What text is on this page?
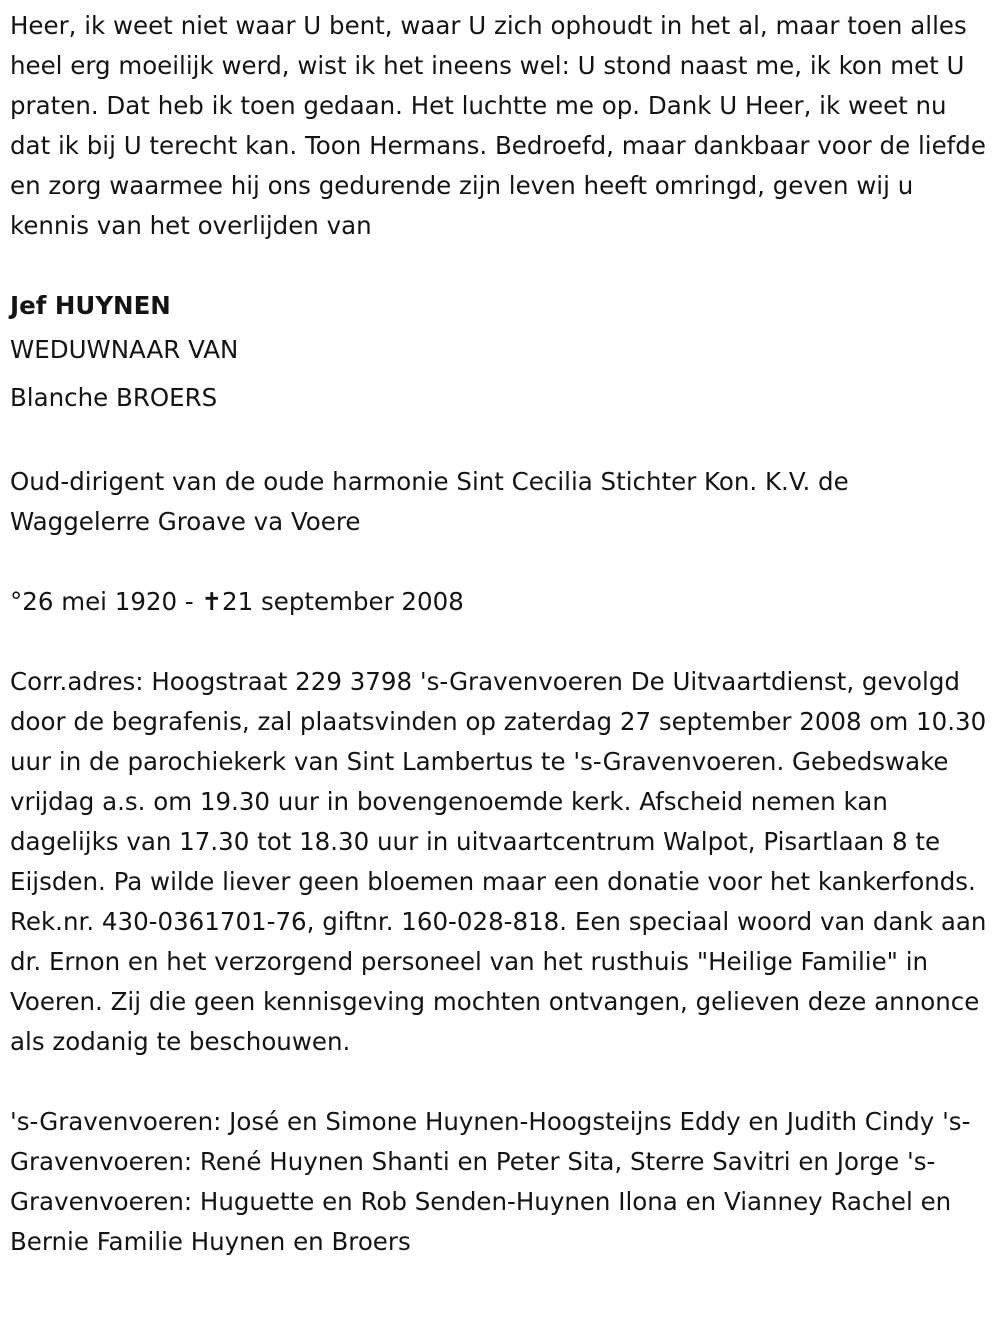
Heer, ik weet niet waar U bent, waar U zich ophoudt in het al, maar toen alles heel erg moeilijk werd, wist ik het ineens wel: U stond naast me, ik kon met U praten. Dat heb ik toen gedaan. Het luchtte me op. Dank U Heer, ik weet nu dat ik bij U terecht kan. Toon Hermans. Bedroefd, maar dankbaar voor de liefde en zorg waarmee hij ons gedurende zijn leven heeft omringd, geven wij u kennis van het overlijden van

Jef HUYNEN

WEDUWNAAR VAN

Blanche BROERS

Oud-dirigent van de oude harmonie Sint Cecilia Stichter Kon. K.V. de Waggelerre Groave va Voere

°26 mei 1920 - ✝21 september 2008

Corr.adres: Hoogstraat 229 3798 's-Gravenvoeren De Uitvaartdienst, gevolgd door de begrafenis, zal plaatsvinden op zaterdag 27 september 2008 om 10.30 uur in de parochiekerk van Sint Lambertus te 's-Gravenvoeren. Gebedswake vrijdag a.s. om 19.30 uur in bovengenoemde kerk. Afscheid nemen kan dagelijks van 17.30 tot 18.30 uur in uitvaartcentrum Walpot, Pisartlaan 8 te Eijsden. Pa wilde liever geen bloemen maar een donatie voor het kankerfonds. Rek.nr. 430-0361701-76, giftnr. 160-028-818. Een speciaal woord van dank aan dr. Ernon en het verzorgend personeel van het rusthuis "Heilige Familie" in Voeren. Zij die geen kennisgeving mochten ontvangen, gelieven deze annonce als zodanig te beschouwen.

's-Gravenvoeren: José en Simone Huynen-Hoogsteijns Eddy en Judith Cindy 's-Gravenvoeren: René Huynen Shanti en Peter Sita, Sterre Savitri en Jorge 's-Gravenvoeren: Huguette en Rob Senden-Huynen Ilona en Vianney Rachel en Bernie Familie Huynen en Broers
